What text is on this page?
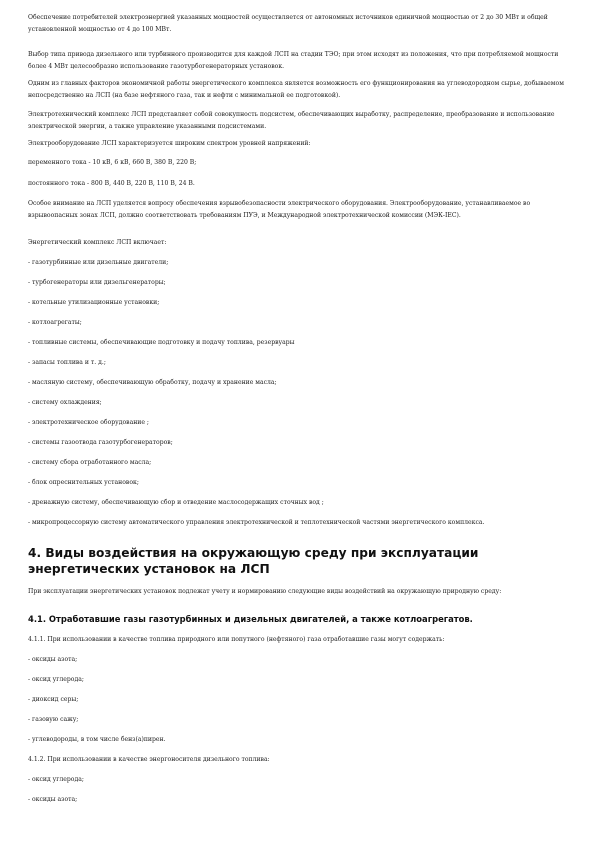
Обеспечение потребителей электроэнергией указанных мощностей осуществляется от автономных источников единичной мощностью от 2 до 30 МВт и общей установленной мощностью от 4 до 100 МВт.

Выбор типа привода дизельного или турбинного производится для каждой ЛСП на стадии ТЭО; при этом исходят из положения, что при потребляемой мощности более 4 МВт целесообразно использование газотурбогенераторных установок.

Одним из главных факторов экономичной работы энергетического комплекса является возможность его функционирования на углеводородном сырье, добываемом непосредственно на ЛСП (на базе нефтяного газа, так и нефти с минимальной ее подготовкой).

Электротехнический комплекс ЛСП представляет собой совокупность подсистем, обеспечивающих выработку, распределение, преобразование и использование электрической энергии, а также управление указанными подсистемами.

Электрооборудование ЛСП характеризуется широким спектром уровней напряжений:

переменного тока - 10 кВ, 6 кВ, 660 В, 380 В, 220 В;

постоянного тока - 800 В, 440 В, 220 В, 110 В, 24 В.

Особое внимание на ЛСП уделяется вопросу обеспечения взрывобезопасности электрического оборудования. Электрооборудование, устанавливаемое во взрывоопасных зонах ЛСП, должно соответствовать требованиям ПУЭ, и Международной электротехнической комиссии (МЭК-IEC).

Энергетический комплекс ЛСП включает:

- газотурбинные или дизельные двигатели;

- турбогенераторы или дизельгенераторы;

- котельные утилизационные установки;

- котлоагрегаты;

- топливные системы, обеспечивающие подготовку и подачу топлива, резервуары

- запасы топлива и т. д.;

- масляную систему, обеспечивающую обработку, подачу и хранение масла;

- систему охлаждения;

- электротехническое оборудование ;

- системы газоотвода газотурбогенераторов;

- систему сбора отработанного масла;

- блок опреснительных установок;

- дренажную систему, обеспечивающую сбор и отведение маслосодержащих сточных вод ;

- микропроцессорную систему автоматического управления электротехнической и теплотехнической частями энергетического комплекса.

4. Виды воздействия на окружающую среду при эксплуатации энергетических установок на ЛСП

При эксплуатации энергетических установок подлежат учету и нормированию следующие виды воздействий на окружающую природную среду:

4.1. Отработавшие газы газотурбинных и дизельных двигателей, а также котлоагрегатов.

4.1.1. При использовании в качестве топлива природного или попутного (нефтяного) газа отработавшие газы могут содержать:

- оксиды азота;

- оксид углерода;

- диоксид серы;

- газовую сажу;

- углеводороды, в том числе бенз(а)пирен.

4.1.2. При использовании в качестве энергоносителя дизельного топлива:

- оксид углерода;

- оксиды азота;
